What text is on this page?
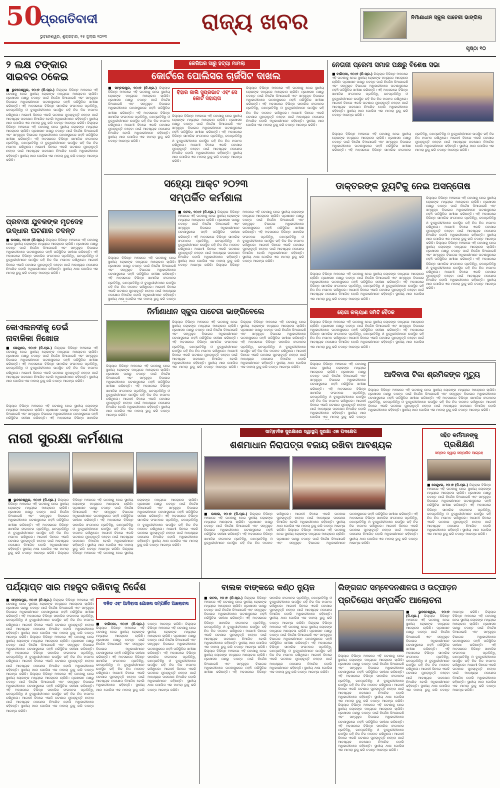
50
ପ୍ରଗତିବାଦୀ
ଭୁବନେଶ୍ୱର, ଶୁକ୍ରବାର, ୧୫ ଜୁଲାଇ ୨୦୨୩
ରାଜ୍ୟ ଖବର	ନିର୍ମାଣାଧୀନ ସ୍କୁଲ ପାଚେରୀ ଭାଙ୍ଗିଲା
ପୃଷ୍ଠା ୧୦
୨ ଲକ୍ଷ ଟଙ୍କାର ସାଇବର ଠକେଇ
■ ଭୁବନେଶ୍ୱର, ୧୦।୭ (ନି.ପ୍ର.) ଜିଲ୍ଲାର ବିଭିନ୍ନ ଅଞ୍ଚଳରେ ଏହି ଘଟଣାକୁ ନେଇ ସ୍ଥାନୀୟ ଲୋକଙ୍କ ମଧ୍ୟରେ ଆଲୋଚନା ଚାଲିଛି। ପ୍ରଶାସନ ପକ୍ଷରୁ ତଦନ୍ତ ପାଇଁ ନିର୍ଦ୍ଦେଶ ଦିଆଯାଇଛି ଏବଂ ସମ୍ପୃକ୍ତ ବିଭାଗର ଅଧିକାରୀମାନେ ଘଟଣାସ୍ଥଳରେ ପହଞ୍ଚି ପରିସ୍ଥିତିର ସମୀକ୍ଷା କରିଛନ୍ତି। ଏହି ଅବସରରେ ବିଭିନ୍ନ ସାମାଜିକ ସଂଗଠନର ପ୍ରତିନିଧି, ଜନପ୍ରତିନିଧି ଓ ବୁଦ୍ଧିଜୀବୀମାନେ ଉପସ୍ଥିତ ରହି ନିଜ ନିଜ ମତାମତ ରଖିଥିଲେ। ଆଗାମୀ ଦିନରେ ଏଭଳି ଘଟଣାର ପୁନରାବୃତ୍ତି ନହେବା ପାଇଁ ଆବଶ୍ୟକ ପଦକ୍ଷେପ ନିଆଯିବ ବୋଲି ଅଧିକାରୀମାନେ କହିଛନ୍ତି। ସ୍ଥାନୀୟ ଥାନା ପୋଲିସ ଏକ ମାମଲା ରୁଜୁ କରି ତଦନ୍ତ ଆରମ୍ଭ କରିଛି। ଜିଲ୍ଲାର ବିଭିନ୍ନ ଅଞ୍ଚଳରେ ଏହି ଘଟଣାକୁ ନେଇ ସ୍ଥାନୀୟ ଲୋକଙ୍କ ମଧ୍ୟରେ ଆଲୋଚନା ଚାଲିଛି। ପ୍ରଶାସନ ପକ୍ଷରୁ ତଦନ୍ତ ପାଇଁ ନିର୍ଦ୍ଦେଶ ଦିଆଯାଇଛି ଏବଂ ସମ୍ପୃକ୍ତ ବିଭାଗର ଅଧିକାରୀମାନେ ଘଟଣାସ୍ଥଳରେ ପହଞ୍ଚି ପରିସ୍ଥିତିର ସମୀକ୍ଷା କରିଛନ୍ତି। ଏହି ଅବସରରେ ବିଭିନ୍ନ ସାମାଜିକ ସଂଗଠନର ପ୍ରତିନିଧି, ଜନପ୍ରତିନିଧି ଓ ବୁଦ୍ଧିଜୀବୀମାନେ ଉପସ୍ଥିତ ରହି ନିଜ ନିଜ ମତାମତ ରଖିଥିଲେ। ଆଗାମୀ ଦିନରେ ଏଭଳି ଘଟଣାର ପୁନରାବୃତ୍ତି ନହେବା ପାଇଁ ଆବଶ୍ୟକ ପଦକ୍ଷେପ ନିଆଯିବ ବୋଲି ଅଧିକାରୀମାନେ କହିଛନ୍ତି। ସ୍ଥାନୀୟ ଥାନା ପୋଲିସ ଏକ ମାମଲା ରୁଜୁ କରି ତଦନ୍ତ ଆରମ୍ଭ କରିଛି।
ପ୍ରବାସୀ ଯୁବକଙ୍କ ମୃତଦେହ ଉଦ୍ଧାର ଘଟଣାର ତଦନ୍ତ
■ ଉଦାଳା, ୧୦।୭ (ନି.ପ୍ର.) ଜିଲ୍ଲାର ବିଭିନ୍ନ ଅଞ୍ଚଳରେ ଏହି ଘଟଣାକୁ ନେଇ ସ୍ଥାନୀୟ ଲୋକଙ୍କ ମଧ୍ୟରେ ଆଲୋଚନା ଚାଲିଛି। ପ୍ରଶାସନ ପକ୍ଷରୁ ତଦନ୍ତ ପାଇଁ ନିର୍ଦ୍ଦେଶ ଦିଆଯାଇଛି ଏବଂ ସମ୍ପୃକ୍ତ ବିଭାଗର ଅଧିକାରୀମାନେ ଘଟଣାସ୍ଥଳରେ ପହଞ୍ଚି ପରିସ୍ଥିତିର ସମୀକ୍ଷା କରିଛନ୍ତି। ଏହି ଅବସରରେ ବିଭିନ୍ନ ସାମାଜିକ ସଂଗଠନର ପ୍ରତିନିଧି, ଜନପ୍ରତିନିଧି ଓ ବୁଦ୍ଧିଜୀବୀମାନେ ଉପସ୍ଥିତ ରହି ନିଜ ନିଜ ମତାମତ ରଖିଥିଲେ। ଆଗାମୀ ଦିନରେ ଏଭଳି ଘଟଣାର ପୁନରାବୃତ୍ତି ନହେବା ପାଇଁ ଆବଶ୍ୟକ ପଦକ୍ଷେପ ନିଆଯିବ ବୋଲି ଅଧିକାରୀମାନେ କହିଛନ୍ତି। ସ୍ଥାନୀୟ ଥାନା ପୋଲିସ ଏକ ମାମଲା ରୁଜୁ କରି ତଦନ୍ତ ଆରମ୍ଭ କରିଛି।
କୋଏଲନଦୀକୁ ଡେଇଁ ନାବାଳିକା ନିଖୋଜ
■ କେନ୍ଦୁଝର, ୧୦।୭ (ନି.ପ୍ର.) ଜିଲ୍ଲାର ବିଭିନ୍ନ ଅଞ୍ଚଳରେ ଏହି ଘଟଣାକୁ ନେଇ ସ୍ଥାନୀୟ ଲୋକଙ୍କ ମଧ୍ୟରେ ଆଲୋଚନା ଚାଲିଛି। ପ୍ରଶାସନ ପକ୍ଷରୁ ତଦନ୍ତ ପାଇଁ ନିର୍ଦ୍ଦେଶ ଦିଆଯାଇଛି ଏବଂ ସମ୍ପୃକ୍ତ ବିଭାଗର ଅଧିକାରୀମାନେ ଘଟଣାସ୍ଥଳରେ ପହଞ୍ଚି ପରିସ୍ଥିତିର ସମୀକ୍ଷା କରିଛନ୍ତି। ଏହି ଅବସରରେ ବିଭିନ୍ନ ସାମାଜିକ ସଂଗଠନର ପ୍ରତିନିଧି, ଜନପ୍ରତିନିଧି ଓ ବୁଦ୍ଧିଜୀବୀମାନେ ଉପସ୍ଥିତ ରହି ନିଜ ନିଜ ମତାମତ ରଖିଥିଲେ। ଆଗାମୀ ଦିନରେ ଏଭଳି ଘଟଣାର ପୁନରାବୃତ୍ତି ନହେବା ପାଇଁ ଆବଶ୍ୟକ ପଦକ୍ଷେପ ନିଆଯିବ ବୋଲି ଅଧିକାରୀମାନେ କହିଛନ୍ତି। ସ୍ଥାନୀୟ ଥାନା ପୋଲିସ ଏକ ମାମଲା ରୁଜୁ କରି ତଦନ୍ତ ଆରମ୍ଭ କରିଛି।
କେରିଅର ସାରୁ ହତ୍ୟା ମାମଲା
କୋର୍ଟରେ ପୋଲିସର ଚାର୍ଜସିଟ ଦାଖଲ
■ ସମ୍ବଲପୁର, ୧୦।୭ (ନି.ପ୍ର.) ଜିଲ୍ଲାର ବିଭିନ୍ନ ଅଞ୍ଚଳରେ ଏହି ଘଟଣାକୁ ନେଇ ସ୍ଥାନୀୟ ଲୋକଙ୍କ ମଧ୍ୟରେ ଆଲୋଚନା ଚାଲିଛି। ପ୍ରଶାସନ ପକ୍ଷରୁ ତଦନ୍ତ ପାଇଁ ନିର୍ଦ୍ଦେଶ ଦିଆଯାଇଛି ଏବଂ ସମ୍ପୃକ୍ତ ବିଭାଗର ଅଧିକାରୀମାନେ ଘଟଣାସ୍ଥଳରେ ପହଞ୍ଚି ପରିସ୍ଥିତିର ସମୀକ୍ଷା କରିଛନ୍ତି। ଏହି ଅବସରରେ ବିଭିନ୍ନ ସାମାଜିକ ସଂଗଠନର ପ୍ରତିନିଧି, ଜନପ୍ରତିନିଧି ଓ ବୁଦ୍ଧିଜୀବୀମାନେ ଉପସ୍ଥିତ ରହି ନିଜ ନିଜ ମତାମତ ରଖିଥିଲେ। ଆଗାମୀ ଦିନରେ ଏଭଳି ଘଟଣାର ପୁନରାବୃତ୍ତି ନହେବା ପାଇଁ ଆବଶ୍ୟକ ପଦକ୍ଷେପ ନିଆଯିବ ବୋଲି ଅଧିକାରୀମାନେ କହିଛନ୍ତି। ସ୍ଥାନୀୟ ଥାନା ପୋଲିସ ଏକ ମାମଲା ରୁଜୁ କରି ତଦନ୍ତ ଆରମ୍ଭ କରିଛି।
ବିହାର ଜାଲି ସୁପ୍ରଭାତ ଏବଂ ସେ କୋର୍ଟ ସହାୟତା
ଜିଲ୍ଲାର ବିଭିନ୍ନ ଅଞ୍ଚଳରେ ଏହି ଘଟଣାକୁ ନେଇ ସ୍ଥାନୀୟ ଲୋକଙ୍କ ମଧ୍ୟରେ ଆଲୋଚନା ଚାଲିଛି। ପ୍ରଶାସନ ପକ୍ଷରୁ ତଦନ୍ତ ପାଇଁ ନିର୍ଦ୍ଦେଶ ଦିଆଯାଇଛି ଏବଂ ସମ୍ପୃକ୍ତ ବିଭାଗର ଅଧିକାରୀମାନେ ଘଟଣାସ୍ଥଳରେ ପହଞ୍ଚି ପରିସ୍ଥିତିର ସମୀକ୍ଷା କରିଛନ୍ତି। ଏହି ଅବସରରେ ବିଭିନ୍ନ ସାମାଜିକ ସଂଗଠନର ପ୍ରତିନିଧି, ଜନପ୍ରତିନିଧି ଓ ବୁଦ୍ଧିଜୀବୀମାନେ ଉପସ୍ଥିତ ରହି ନିଜ ନିଜ ମତାମତ ରଖିଥିଲେ। ଆଗାମୀ ଦିନରେ ଏଭଳି ଘଟଣାର ପୁନରାବୃତ୍ତି ନହେବା ପାଇଁ ଆବଶ୍ୟକ ପଦକ୍ଷେପ ନିଆଯିବ ବୋଲି ଅଧିକାରୀମାନେ କହିଛନ୍ତି। ସ୍ଥାନୀୟ ଥାନା ପୋଲିସ ଏକ ମାମଲା ରୁଜୁ କରି ତଦନ୍ତ ଆରମ୍ଭ କରିଛି।
ଜିଲ୍ଲାର ବିଭିନ୍ନ ଅଞ୍ଚଳରେ ଏହି ଘଟଣାକୁ ନେଇ ସ୍ଥାନୀୟ ଲୋକଙ୍କ ମଧ୍ୟରେ ଆଲୋଚନା ଚାଲିଛି। ପ୍ରଶାସନ ପକ୍ଷରୁ ତଦନ୍ତ ପାଇଁ ନିର୍ଦ୍ଦେଶ ଦିଆଯାଇଛି ଏବଂ ସମ୍ପୃକ୍ତ ବିଭାଗର ଅଧିକାରୀମାନେ ଘଟଣାସ୍ଥଳରେ ପହଞ୍ଚି ପରିସ୍ଥିତିର ସମୀକ୍ଷା କରିଛନ୍ତି। ଏହି ଅବସରରେ ବିଭିନ୍ନ ସାମାଜିକ ସଂଗଠନର ପ୍ରତିନିଧି, ଜନପ୍ରତିନିଧି ଓ ବୁଦ୍ଧିଜୀବୀମାନେ ଉପସ୍ଥିତ ରହି ନିଜ ନିଜ ମତାମତ ରଖିଥିଲେ। ଆଗାମୀ ଦିନରେ ଏଭଳି ଘଟଣାର ପୁନରାବୃତ୍ତି ନହେବା ପାଇଁ ଆବଶ୍ୟକ ପଦକ୍ଷେପ ନିଆଯିବ ବୋଲି ଅଧିକାରୀମାନେ କହିଛନ୍ତି। ସ୍ଥାନୀୟ ଥାନା ପୋଲିସ ଏକ ମାମଲା ରୁଜୁ କରି ତଦନ୍ତ ଆରମ୍ଭ କରିଛି।
ନେତାଜୀ ପ୍ରେମୀ ସମାଜ ପକ୍ଷରୁ ବିଶେଷ ସଭା
■ ବାରିପଦା, ୧୦।୭ (ନି.ପ୍ର.) ଜିଲ୍ଲାର ବିଭିନ୍ନ ଅଞ୍ଚଳରେ ଏହି ଘଟଣାକୁ ନେଇ ସ୍ଥାନୀୟ ଲୋକଙ୍କ ମଧ୍ୟରେ ଆଲୋଚନା ଚାଲିଛି। ପ୍ରଶାସନ ପକ୍ଷରୁ ତଦନ୍ତ ପାଇଁ ନିର୍ଦ୍ଦେଶ ଦିଆଯାଇଛି ଏବଂ ସମ୍ପୃକ୍ତ ବିଭାଗର ଅଧିକାରୀମାନେ ଘଟଣାସ୍ଥଳରେ ପହଞ୍ଚି ପରିସ୍ଥିତିର ସମୀକ୍ଷା କରିଛନ୍ତି। ଏହି ଅବସରରେ ବିଭିନ୍ନ ସାମାଜିକ ସଂଗଠନର ପ୍ରତିନିଧି, ଜନପ୍ରତିନିଧି ଓ ବୁଦ୍ଧିଜୀବୀମାନେ ଉପସ୍ଥିତ ରହି ନିଜ ନିଜ ମତାମତ ରଖିଥିଲେ। ଆଗାମୀ ଦିନରେ ଏଭଳି ଘଟଣାର ପୁନରାବୃତ୍ତି ନହେବା ପାଇଁ ଆବଶ୍ୟକ ପଦକ୍ଷେପ ନିଆଯିବ ବୋଲି ଅଧିକାରୀମାନେ କହିଛନ୍ତି। ସ୍ଥାନୀୟ ଥାନା ପୋଲିସ ଏକ ମାମଲା ରୁଜୁ କରି ତଦନ୍ତ ଆରମ୍ଭ କରିଛି।
ଜିଲ୍ଲାର ବିଭିନ୍ନ ଅଞ୍ଚଳରେ ଏହି ଘଟଣାକୁ ନେଇ ସ୍ଥାନୀୟ ଲୋକଙ୍କ ମଧ୍ୟରେ ଆଲୋଚନା ଚାଲିଛି। ପ୍ରଶାସନ ପକ୍ଷରୁ ତଦନ୍ତ ପାଇଁ ନିର୍ଦ୍ଦେଶ ଦିଆଯାଇଛି ଏବଂ ସମ୍ପୃକ୍ତ ବିଭାଗର ଅଧିକାରୀମାନେ ଘଟଣାସ୍ଥଳରେ ପହଞ୍ଚି ପରିସ୍ଥିତିର ସମୀକ୍ଷା କରିଛନ୍ତି। ଏହି ଅବସରରେ ବିଭିନ୍ନ ସାମାଜିକ ସଂଗଠନର ପ୍ରତିନିଧି, ଜନପ୍ରତିନିଧି ଓ ବୁଦ୍ଧିଜୀବୀମାନେ ଉପସ୍ଥିତ ରହି ନିଜ ନିଜ ମତାମତ ରଖିଥିଲେ। ଆଗାମୀ ଦିନରେ ଏଭଳି ଘଟଣାର ପୁନରାବୃତ୍ତି ନହେବା ପାଇଁ ଆବଶ୍ୟକ ପଦକ୍ଷେପ ନିଆଯିବ ବୋଲି ଅଧିକାରୀମାନେ କହିଛନ୍ତି। ସ୍ଥାନୀୟ ଥାନା ପୋଲିସ ଏକ ମାମଲା ରୁଜୁ କରି ତଦନ୍ତ ଆରମ୍ଭ କରିଛି।
ସହ୍ୟୋ ଆକ୍ଟ ୨୦୨୩
ସମ୍ପର୍କିତ କର୍ମଶାଳା
■ କଟକ, ୧୦।୭ (ନି.ପ୍ର.) ଜିଲ୍ଲାର ବିଭିନ୍ନ ଅଞ୍ଚଳରେ ଏହି ଘଟଣାକୁ ନେଇ ସ୍ଥାନୀୟ ଲୋକଙ୍କ ମଧ୍ୟରେ ଆଲୋଚନା ଚାଲିଛି। ପ୍ରଶାସନ ପକ୍ଷରୁ ତଦନ୍ତ ପାଇଁ ନିର୍ଦ୍ଦେଶ ଦିଆଯାଇଛି ଏବଂ ସମ୍ପୃକ୍ତ ବିଭାଗର ଅଧିକାରୀମାନେ ଘଟଣାସ୍ଥଳରେ ପହଞ୍ଚି ପରିସ୍ଥିତିର ସମୀକ୍ଷା କରିଛନ୍ତି। ଏହି ଅବସରରେ ବିଭିନ୍ନ ସାମାଜିକ ସଂଗଠନର ପ୍ରତିନିଧି, ଜନପ୍ରତିନିଧି ଓ ବୁଦ୍ଧିଜୀବୀମାନେ ଉପସ୍ଥିତ ରହି ନିଜ ନିଜ ମତାମତ ରଖିଥିଲେ। ଆଗାମୀ ଦିନରେ ଏଭଳି ଘଟଣାର ପୁନରାବୃତ୍ତି ନହେବା ପାଇଁ ଆବଶ୍ୟକ ପଦକ୍ଷେପ ନିଆଯିବ ବୋଲି ଅଧିକାରୀମାନେ କହିଛନ୍ତି। ସ୍ଥାନୀୟ ଥାନା ପୋଲିସ ଏକ ମାମଲା ରୁଜୁ କରି ତଦନ୍ତ ଆରମ୍ଭ କରିଛି। ଜିଲ୍ଲାର ବିଭିନ୍ନ ଅଞ୍ଚଳରେ ଏହି ଘଟଣାକୁ ନେଇ ସ୍ଥାନୀୟ ଲୋକଙ୍କ ମଧ୍ୟରେ ଆଲୋଚନା ଚାଲିଛି। ପ୍ରଶାସନ ପକ୍ଷରୁ ତଦନ୍ତ ପାଇଁ ନିର୍ଦ୍ଦେଶ ଦିଆଯାଇଛି ଏବଂ ସମ୍ପୃକ୍ତ ବିଭାଗର ଅଧିକାରୀମାନେ ଘଟଣାସ୍ଥଳରେ ପହଞ୍ଚି ପରିସ୍ଥିତିର ସମୀକ୍ଷା କରିଛନ୍ତି। ଏହି ଅବସରରେ ବିଭିନ୍ନ ସାମାଜିକ ସଂଗଠନର ପ୍ରତିନିଧି, ଜନପ୍ରତିନିଧି ଓ ବୁଦ୍ଧିଜୀବୀମାନେ ଉପସ୍ଥିତ ରହି ନିଜ ନିଜ ମତାମତ ରଖିଥିଲେ। ଆଗାମୀ ଦିନରେ ଏଭଳି ଘଟଣାର ପୁନରାବୃତ୍ତି ନହେବା ପାଇଁ ଆବଶ୍ୟକ ପଦକ୍ଷେପ ନିଆଯିବ ବୋଲି ଅଧିକାରୀମାନେ କହିଛନ୍ତି। ସ୍ଥାନୀୟ ଥାନା ପୋଲିସ ଏକ ମାମଲା ରୁଜୁ କରି ତଦନ୍ତ ଆରମ୍ଭ କରିଛି।
ଜିଲ୍ଲାର ବିଭିନ୍ନ ଅଞ୍ଚଳରେ ଏହି ଘଟଣାକୁ ନେଇ ସ୍ଥାନୀୟ ଲୋକଙ୍କ ମଧ୍ୟରେ ଆଲୋଚନା ଚାଲିଛି। ପ୍ରଶାସନ ପକ୍ଷରୁ ତଦନ୍ତ ପାଇଁ ନିର୍ଦ୍ଦେଶ ଦିଆଯାଇଛି ଏବଂ ସମ୍ପୃକ୍ତ ବିଭାଗର ଅଧିକାରୀମାନେ ଘଟଣାସ୍ଥଳରେ ପହଞ୍ଚି ପରିସ୍ଥିତିର ସମୀକ୍ଷା କରିଛନ୍ତି। ଏହି ଅବସରରେ ବିଭିନ୍ନ ସାମାଜିକ ସଂଗଠନର ପ୍ରତିନିଧି, ଜନପ୍ରତିନିଧି ଓ ବୁଦ୍ଧିଜୀବୀମାନେ ଉପସ୍ଥିତ ରହି ନିଜ ନିଜ ମତାମତ ରଖିଥିଲେ। ଆଗାମୀ ଦିନରେ ଏଭଳି ଘଟଣାର ପୁନରାବୃତ୍ତି ନହେବା ପାଇଁ ଆବଶ୍ୟକ ପଦକ୍ଷେପ ନିଆଯିବ ବୋଲି ଅଧିକାରୀମାନେ କହିଛନ୍ତି। ସ୍ଥାନୀୟ ଥାନା ପୋଲିସ ଏକ ମାମଲା ରୁଜୁ କରି ତଦନ୍ତ
ଡାକ୍ତରଙ୍କ ଡ୍ୟୁଟିକୁ ନେଇ ଅସନ୍ତୋଷ
ଜିଲ୍ଲାର ବିଭିନ୍ନ ଅଞ୍ଚଳରେ ଏହି ଘଟଣାକୁ ନେଇ ସ୍ଥାନୀୟ ଲୋକଙ୍କ ମଧ୍ୟରେ ଆଲୋଚନା ଚାଲିଛି। ପ୍ରଶାସନ ପକ୍ଷରୁ ତଦନ୍ତ ପାଇଁ ନିର୍ଦ୍ଦେଶ ଦିଆଯାଇଛି ଏବଂ ସମ୍ପୃକ୍ତ ବିଭାଗର ଅଧିକାରୀମାନେ ଘଟଣାସ୍ଥଳରେ ପହଞ୍ଚି ପରିସ୍ଥିତିର ସମୀକ୍ଷା କରିଛନ୍ତି। ଏହି ଅବସରରେ ବିଭିନ୍ନ ସାମାଜିକ ସଂଗଠନର ପ୍ରତିନିଧି, ଜନପ୍ରତିନିଧି ଓ ବୁଦ୍ଧିଜୀବୀମାନେ ଉପସ୍ଥିତ ରହି ନିଜ ନିଜ ମତାମତ ରଖିଥିଲେ। ଆଗାମୀ ଦିନରେ ଏଭଳି ଘଟଣାର ପୁନରାବୃତ୍ତି ନହେବା ପାଇଁ ଆବଶ୍ୟକ ପଦକ୍ଷେପ ନିଆଯିବ ବୋଲି ଅଧିକାରୀମାନେ କହିଛନ୍ତି। ସ୍ଥାନୀୟ ଥାନା ପୋଲିସ ଏକ ମାମଲା ରୁଜୁ କରି ତଦନ୍ତ ଆରମ୍ଭ କରିଛି। ଜିଲ୍ଲାର ବିଭିନ୍ନ ଅଞ୍ଚଳରେ ଏହି ଘଟଣାକୁ ନେଇ ସ୍ଥାନୀୟ ଲୋକଙ୍କ ମଧ୍ୟରେ ଆଲୋଚନା ଚାଲିଛି। ପ୍ରଶାସନ ପକ୍ଷରୁ ତଦନ୍ତ ପାଇଁ ନିର୍ଦ୍ଦେଶ ଦିଆଯାଇଛି ଏବଂ ସମ୍ପୃକ୍ତ ବିଭାଗର ଅଧିକାରୀମାନେ ଘଟଣାସ୍ଥଳରେ ପହଞ୍ଚି ପରିସ୍ଥିତିର ସମୀକ୍ଷା କରିଛନ୍ତି। ଏହି ଅବସରରେ ବିଭିନ୍ନ ସାମାଜିକ ସଂଗଠନର ପ୍ରତିନିଧି, ଜନପ୍ରତିନିଧି ଓ ବୁଦ୍ଧିଜୀବୀମାନେ ଉପସ୍ଥିତ ରହି ନିଜ ନିଜ ମତାମତ ରଖିଥିଲେ। ଆଗାମୀ ଦିନରେ ଏଭଳି ଘଟଣାର ପୁନରାବୃତ୍ତି ନହେବା ପାଇଁ ଆବଶ୍ୟକ ପଦକ୍ଷେପ ନିଆଯିବ ବୋଲି ଅଧିକାରୀମାନେ କହିଛନ୍ତି। ସ୍ଥାନୀୟ ଥାନା ପୋଲିସ ଏକ ମାମଲା ରୁଜୁ କରି ତଦନ୍ତ ଆରମ୍ଭ କରିଛି।
ନିର୍ମାଣାଧୀନ ସ୍କୁଲ ପାଚେରୀ ଭାଙ୍ଗିବେଲେ
ଜିଲ୍ଲାର ବିଭିନ୍ନ ଅଞ୍ଚଳରେ ଏହି ଘଟଣାକୁ ନେଇ ସ୍ଥାନୀୟ ଲୋକଙ୍କ ମଧ୍ୟରେ ଆଲୋଚନା ଚାଲିଛି। ପ୍ରଶାସନ ପକ୍ଷରୁ ତଦନ୍ତ ପାଇଁ ନିର୍ଦ୍ଦେଶ ଦିଆଯାଇଛି ଏବଂ ସମ୍ପୃକ୍ତ ବିଭାଗର ଅଧିକାରୀମାନେ ଘଟଣାସ୍ଥଳରେ ପହଞ୍ଚି ପରିସ୍ଥିତିର ସମୀକ୍ଷା କରିଛନ୍ତି। ଏହି ଅବସରରେ ବିଭିନ୍ନ ସାମାଜିକ ସଂଗଠନର ପ୍ରତିନିଧି, ଜନପ୍ରତିନିଧି ଓ ବୁଦ୍ଧିଜୀବୀମାନେ ଉପସ୍ଥିତ ରହି ନିଜ ନିଜ ମତାମତ ରଖିଥିଲେ। ଆଗାମୀ ଦିନରେ ଏଭଳି ଘଟଣାର ପୁନରାବୃତ୍ତି ନହେବା ପାଇଁ ଆବଶ୍ୟକ ପଦକ୍ଷେପ ନିଆଯିବ ବୋଲି ଅଧିକାରୀମାନେ କହିଛନ୍ତି। ସ୍ଥାନୀୟ ଥାନା ପୋଲିସ ଏକ ମାମଲା ରୁଜୁ କରି ତଦନ୍ତ ଆରମ୍ଭ କରିଛି। ଜିଲ୍ଲାର ବିଭିନ୍ନ ଅଞ୍ଚଳରେ ଏହି ଘଟଣାକୁ ନେଇ ସ୍ଥାନୀୟ ଲୋକଙ୍କ ମଧ୍ୟରେ ଆଲୋଚନା ଚାଲିଛି। ପ୍ରଶାସନ ପକ୍ଷରୁ ତଦନ୍ତ ପାଇଁ ନିର୍ଦ୍ଦେଶ ଦିଆଯାଇଛି ଏବଂ ସମ୍ପୃକ୍ତ ବିଭାଗର ଅଧିକାରୀମାନେ ଘଟଣାସ୍ଥଳରେ ପହଞ୍ଚି ପରିସ୍ଥିତିର ସମୀକ୍ଷା କରିଛନ୍ତି। ଏହି ଅବସରରେ ବିଭିନ୍ନ ସାମାଜିକ ସଂଗଠନର ପ୍ରତିନିଧି, ଜନପ୍ରତିନିଧି ଓ ବୁଦ୍ଧିଜୀବୀମାନେ ଉପସ୍ଥିତ ରହି ନିଜ ନିଜ ମତାମତ ରଖିଥିଲେ। ଆଗାମୀ ଦିନରେ ଏଭଳି ଘଟଣାର ପୁନରାବୃତ୍ତି ନହେବା ପାଇଁ ଆବଶ୍ୟକ ପଦକ୍ଷେପ ନିଆଯିବ ବୋଲି ଅଧିକାରୀମାନେ କହିଛନ୍ତି। ସ୍ଥାନୀୟ ଥାନା ପୋଲିସ ଏକ ମାମଲା ରୁଜୁ କରି ତଦନ୍ତ ଆରମ୍ଭ କରିଛି।
ଜିଲ୍ଲାର ବିଭିନ୍ନ ଅଞ୍ଚଳରେ ଏହି ଘଟଣାକୁ ନେଇ ସ୍ଥାନୀୟ ଲୋକଙ୍କ ମଧ୍ୟରେ ଆଲୋଚନା ଚାଲିଛି। ପ୍ରଶାସନ ପକ୍ଷରୁ ତଦନ୍ତ ପାଇଁ ନିର୍ଦ୍ଦେଶ ଦିଆଯାଇଛି ଏବଂ ସମ୍ପୃକ୍ତ ବିଭାଗର ଅଧିକାରୀମାନେ ଘଟଣାସ୍ଥଳରେ ପହଞ୍ଚି ପରିସ୍ଥିତିର ସମୀକ୍ଷା କରିଛନ୍ତି। ଏହି ଅବସରରେ ବିଭିନ୍ନ ସାମାଜିକ ସଂଗଠନର ପ୍ରତିନିଧି, ଜନପ୍ରତିନିଧି ଓ ବୁଦ୍ଧିଜୀବୀମାନେ ଉପସ୍ଥିତ ରହି ନିଜ ନିଜ ମତାମତ ରଖିଥିଲେ। ଆଗାମୀ ଦିନରେ ଏଭଳି ଘଟଣାର ପୁନରାବୃତ୍ତି ନହେବା ପାଇଁ ଆବଶ୍ୟକ ପଦକ୍ଷେପ ନିଆଯିବ ବୋଲି ଅଧିକାରୀମାନେ କହିଛନ୍ତି। ସ୍ଥାନୀୟ ଥାନା ପୋଲିସ ଏକ ମାମଲା ରୁଜୁ କରି ତଦନ୍ତ ଆରମ୍ଭ କରିଛି।
ଜିଲ୍ଲାର ବିଭିନ୍ନ ଅଞ୍ଚଳରେ ଏହି ଘଟଣାକୁ ନେଇ ସ୍ଥାନୀୟ ଲୋକଙ୍କ ମଧ୍ୟରେ ଆଲୋଚନା ଚାଲିଛି। ପ୍ରଶାସନ ପକ୍ଷରୁ ତଦନ୍ତ ପାଇଁ ନିର୍ଦ୍ଦେଶ ଦିଆଯାଇଛି ଏବଂ ସମ୍ପୃକ୍ତ ବିଭାଗର ଅଧିକାରୀମାନେ ଘଟଣାସ୍ଥଳରେ ପହଞ୍ଚି ପରିସ୍ଥିତିର ସମୀକ୍ଷା କରିଛନ୍ତି। ଏହି ଅବସରରେ ବିଭିନ୍ନ ସାମାଜିକ ସଂଗଠନର ପ୍ରତିନିଧି, ଜନପ୍ରତିନିଧି ଓ ବୁଦ୍ଧିଜୀବୀମାନେ ଉପସ୍ଥିତ ରହି ନିଜ ନିଜ ମତାମତ ରଖିଥିଲେ। ଆଗାମୀ ଦିନରେ ଏଭଳି ଘଟଣାର ପୁନରାବୃତ୍ତି ନହେବା ପାଇଁ ଆବଶ୍ୟକ ପଦକ୍ଷେପ ନିଆଯିବ ବୋଲି ଅଧିକାରୀମାନେ କହିଛନ୍ତି। ସ୍ଥାନୀୟ ଥାନା ପୋଲିସ ଏକ ମାମଲା ରୁଜୁ କରି ତଦନ୍ତ ଆରମ୍ଭ କରିଛି।
ରୋଗୀ କଲ୍ୟାଣ ସମିତି ବୈଠକ
ଜିଲ୍ଲାର ବିଭିନ୍ନ ଅଞ୍ଚଳରେ ଏହି ଘଟଣାକୁ ନେଇ ସ୍ଥାନୀୟ ଲୋକଙ୍କ ମଧ୍ୟରେ ଆଲୋଚନା ଚାଲିଛି। ପ୍ରଶାସନ ପକ୍ଷରୁ ତଦନ୍ତ ପାଇଁ ନିର୍ଦ୍ଦେଶ ଦିଆଯାଇଛି ଏବଂ ସମ୍ପୃକ୍ତ ବିଭାଗର ଅଧିକାରୀମାନେ ଘଟଣାସ୍ଥଳରେ ପହଞ୍ଚି ପରିସ୍ଥିତିର ସମୀକ୍ଷା କରିଛନ୍ତି। ଏହି ଅବସରରେ ବିଭିନ୍ନ ସାମାଜିକ ସଂଗଠନର ପ୍ରତିନିଧି, ଜନପ୍ରତିନିଧି ଓ ବୁଦ୍ଧିଜୀବୀମାନେ ଉପସ୍ଥିତ ରହି ନିଜ ନିଜ ମତାମତ ରଖିଥିଲେ। ଆଗାମୀ ଦିନରେ ଏଭଳି ଘଟଣାର ପୁନରାବୃତ୍ତି ନହେବା ପାଇଁ ଆବଶ୍ୟକ ପଦକ୍ଷେପ ନିଆଯିବ ବୋଲି ଅଧିକାରୀମାନେ କହିଛନ୍ତି। ସ୍ଥାନୀୟ ଥାନା ପୋଲିସ ଏକ ମାମଲା ରୁଜୁ କରି ତଦନ୍ତ ଆରମ୍ଭ କରିଛି।
ଆଦିବାସୀ ଟିକା ଶ୍ରମିକଙ୍କ ମୃତ୍ୟୁ
ଜିଲ୍ଲାର ବିଭିନ୍ନ ଅଞ୍ଚଳରେ ଏହି ଘଟଣାକୁ ନେଇ ସ୍ଥାନୀୟ ଲୋକଙ୍କ ମଧ୍ୟରେ ଆଲୋଚନା ଚାଲିଛି। ପ୍ରଶାସନ ପକ୍ଷରୁ ତଦନ୍ତ ପାଇଁ ନିର୍ଦ୍ଦେଶ ଦିଆଯାଇଛି ଏବଂ ସମ୍ପୃକ୍ତ ବିଭାଗର ଅଧିକାରୀମାନେ ଘଟଣାସ୍ଥଳରେ ପହଞ୍ଚି ପରିସ୍ଥିତିର ସମୀକ୍ଷା କରିଛନ୍ତି। ଏହି ଅବସରରେ ବିଭିନ୍ନ ସାମାଜିକ ସଂଗଠନର ପ୍ରତିନିଧି, ଜନପ୍ରତିନିଧି ଓ ବୁଦ୍ଧିଜୀବୀମାନେ ଉପସ୍ଥିତ ରହି ନିଜ ନିଜ ମତାମତ ରଖିଥିଲେ। ଆଗାମୀ ଦିନରେ ଏଭଳି ଘଟଣାର ପୁନରାବୃତ୍ତି ନହେବା ପାଇଁ ଆବଶ୍ୟକ ପଦକ୍ଷେପ ନିଆଯିବ ବୋଲି ଅଧିକାରୀମାନେ କହିଛନ୍ତି। ସ୍ଥାନୀୟ ଥାନା ପୋଲିସ ଏକ ମାମଲା ରୁଜୁ କରି ତଦନ୍ତ
ଜିଲ୍ଲାର ବିଭିନ୍ନ ଅଞ୍ଚଳରେ ଏହି ଘଟଣାକୁ ନେଇ ସ୍ଥାନୀୟ ଲୋକଙ୍କ ମଧ୍ୟରେ ଆଲୋଚନା ଚାଲିଛି। ପ୍ରଶାସନ ପକ୍ଷରୁ ତଦନ୍ତ ପାଇଁ ନିର୍ଦ୍ଦେଶ ଦିଆଯାଇଛି ଏବଂ ସମ୍ପୃକ୍ତ ବିଭାଗର ଅଧିକାରୀମାନେ ଘଟଣାସ୍ଥଳରେ ପହଞ୍ଚି ପରିସ୍ଥିତିର ସମୀକ୍ଷା କରିଛନ୍ତି। ଏହି ଅବସରରେ ବିଭିନ୍ନ ସାମାଜିକ ସଂଗଠନର ପ୍ରତିନିଧି, ଜନପ୍ରତିନିଧି ଓ ବୁଦ୍ଧିଜୀବୀମାନେ ଉପସ୍ଥିତ ରହି ନିଜ ନିଜ ମତାମତ ରଖିଥିଲେ। ଆଗାମୀ ଦିନରେ ଏଭଳି ଘଟଣାର ପୁନରାବୃତ୍ତି ନହେବା ପାଇଁ ଆବଶ୍ୟକ ପଦକ୍ଷେପ ନିଆଯିବ ବୋଲି ଅଧିକାରୀମାନେ କହିଛନ୍ତି। ସ୍ଥାନୀୟ ଥାନା ପୋଲିସ ଏକ ମାମଲା ରୁଜୁ କରି ତଦନ୍ତ ଆରମ୍ଭ କରିଛି।
ଜିଲ୍ଲାର ବିଭିନ୍ନ ଅଞ୍ଚଳରେ ଏହି ଘଟଣାକୁ ନେଇ ସ୍ଥାନୀୟ ଲୋକଙ୍କ ମଧ୍ୟରେ ଆଲୋଚନା ଚାଲିଛି। ପ୍ରଶାସନ ପକ୍ଷରୁ ତଦନ୍ତ ପାଇଁ ନିର୍ଦ୍ଦେଶ ଦିଆଯାଇଛି ଏବଂ ସମ୍ପୃକ୍ତ ବିଭାଗର ଅଧିକାରୀମାନେ ଘଟଣାସ୍ଥଳରେ ପହଞ୍ଚି ପରିସ୍ଥିତିର ସମୀକ୍ଷା କରିଛନ୍ତି। ଏହି ଅବସରରେ ବିଭିନ୍ନ ସାମାଜିକ
ନାରୀ ସୁରକ୍ଷା କର୍ମଶାଳା
■ ଭୁବନେଶ୍ୱର, ୧୦।୭ (ନି.ପ୍ର.) ଜିଲ୍ଲାର ବିଭିନ୍ନ ଅଞ୍ଚଳରେ ଏହି ଘଟଣାକୁ ନେଇ ସ୍ଥାନୀୟ ଲୋକଙ୍କ ମଧ୍ୟରେ ଆଲୋଚନା ଚାଲିଛି। ପ୍ରଶାସନ ପକ୍ଷରୁ ତଦନ୍ତ ପାଇଁ ନିର୍ଦ୍ଦେଶ ଦିଆଯାଇଛି ଏବଂ ସମ୍ପୃକ୍ତ ବିଭାଗର ଅଧିକାରୀମାନେ ଘଟଣାସ୍ଥଳରେ ପହଞ୍ଚି ପରିସ୍ଥିତିର ସମୀକ୍ଷା କରିଛନ୍ତି। ଏହି ଅବସରରେ ବିଭିନ୍ନ ସାମାଜିକ ସଂଗଠନର ପ୍ରତିନିଧି, ଜନପ୍ରତିନିଧି ଓ ବୁଦ୍ଧିଜୀବୀମାନେ ଉପସ୍ଥିତ ରହି ନିଜ ନିଜ ମତାମତ ରଖିଥିଲେ। ଆଗାମୀ ଦିନରେ ଏଭଳି ଘଟଣାର ପୁନରାବୃତ୍ତି ନହେବା ପାଇଁ ଆବଶ୍ୟକ ପଦକ୍ଷେପ ନିଆଯିବ ବୋଲି ଅଧିକାରୀମାନେ କହିଛନ୍ତି। ସ୍ଥାନୀୟ ଥାନା ପୋଲିସ ଏକ ମାମଲା ରୁଜୁ କରି ତଦନ୍ତ ଆରମ୍ଭ କରିଛି। ଜିଲ୍ଲାର ବିଭିନ୍ନ ଅଞ୍ଚଳରେ ଏହି ଘଟଣାକୁ ନେଇ ସ୍ଥାନୀୟ ଲୋକଙ୍କ ମଧ୍ୟରେ ଆଲୋଚନା ଚାଲିଛି। ପ୍ରଶାସନ ପକ୍ଷରୁ ତଦନ୍ତ ପାଇଁ ନିର୍ଦ୍ଦେଶ ଦିଆଯାଇଛି ଏବଂ ସମ୍ପୃକ୍ତ ବିଭାଗର ଅଧିକାରୀମାନେ ଘଟଣାସ୍ଥଳରେ ପହଞ୍ଚି ପରିସ୍ଥିତିର ସମୀକ୍ଷା କରିଛନ୍ତି। ଏହି ଅବସରରେ ବିଭିନ୍ନ ସାମାଜିକ ସଂଗଠନର ପ୍ରତିନିଧି, ଜନପ୍ରତିନିଧି ଓ ବୁଦ୍ଧିଜୀବୀମାନେ ଉପସ୍ଥିତ ରହି ନିଜ ନିଜ ମତାମତ ରଖିଥିଲେ। ଆଗାମୀ ଦିନରେ ଏଭଳି ଘଟଣାର ପୁନରାବୃତ୍ତି ନହେବା ପାଇଁ ଆବଶ୍ୟକ ପଦକ୍ଷେପ ନିଆଯିବ ବୋଲି ଅଧିକାରୀମାନେ କହିଛନ୍ତି। ସ୍ଥାନୀୟ ଥାନା ପୋଲିସ ଏକ ମାମଲା ରୁଜୁ କରି ତଦନ୍ତ ଆରମ୍ଭ କରିଛି। ଜିଲ୍ଲାର ବିଭିନ୍ନ ଅଞ୍ଚଳରେ ଏହି ଘଟଣାକୁ ନେଇ ସ୍ଥାନୀୟ ଲୋକଙ୍କ ମଧ୍ୟରେ ଆଲୋଚନା ଚାଲିଛି। ପ୍ରଶାସନ ପକ୍ଷରୁ ତଦନ୍ତ ପାଇଁ ନିର୍ଦ୍ଦେଶ ଦିଆଯାଇଛି ଏବଂ ସମ୍ପୃକ୍ତ ବିଭାଗର ଅଧିକାରୀମାନେ ଘଟଣାସ୍ଥଳରେ ପହଞ୍ଚି ପରିସ୍ଥିତିର ସମୀକ୍ଷା କରିଛନ୍ତି। ଏହି ଅବସରରେ ବିଭିନ୍ନ ସାମାଜିକ ସଂଗଠନର ପ୍ରତିନିଧି, ଜନପ୍ରତିନିଧି ଓ ବୁଦ୍ଧିଜୀବୀମାନେ ଉପସ୍ଥିତ ରହି ନିଜ ନିଜ ମତାମତ ରଖିଥିଲେ। ଆଗାମୀ ଦିନରେ ଏଭଳି ଘଟଣାର ପୁନରାବୃତ୍ତି ନହେବା ପାଇଁ ଆବଶ୍ୟକ ପଦକ୍ଷେପ ନିଆଯିବ ବୋଲି ଅଧିକାରୀମାନେ କହିଛନ୍ତି। ସ୍ଥାନୀୟ ଥାନା ପୋଲିସ ଏକ ମାମଲା ରୁଜୁ କରି ତଦନ୍ତ ଆରମ୍ଭ କରିଛି।
ସାମ୍ବାଦିକ ସୁରକ୍ଷାରେ ସ୍ୱାସ୍ଥ୍ୟ ସୁରକ୍ଷା ଏକ ପଦକ୍ଷେପ
ଶଶମାଧାନ ନିରାପତ୍ତା ବଜାୟ ରଖିବା ଆବଶ୍ୟକ
■ ଉଦାଳା, ୧୦।୭ (ନି.ପ୍ର.) ଜିଲ୍ଲାର ବିଭିନ୍ନ ଅଞ୍ଚଳରେ ଏହି ଘଟଣାକୁ ନେଇ ସ୍ଥାନୀୟ ଲୋକଙ୍କ ମଧ୍ୟରେ ଆଲୋଚନା ଚାଲିଛି। ପ୍ରଶାସନ ପକ୍ଷରୁ ତଦନ୍ତ ପାଇଁ ନିର୍ଦ୍ଦେଶ ଦିଆଯାଇଛି ଏବଂ ସମ୍ପୃକ୍ତ ବିଭାଗର ଅଧିକାରୀମାନେ ଘଟଣାସ୍ଥଳରେ ପହଞ୍ଚି ପରିସ୍ଥିତିର ସମୀକ୍ଷା କରିଛନ୍ତି। ଏହି ଅବସରରେ ବିଭିନ୍ନ ସାମାଜିକ ସଂଗଠନର ପ୍ରତିନିଧି, ଜନପ୍ରତିନିଧି ଓ ବୁଦ୍ଧିଜୀବୀମାନେ ଉପସ୍ଥିତ ରହି ନିଜ ନିଜ ମତାମତ ରଖିଥିଲେ। ଆଗାମୀ ଦିନରେ ଏଭଳି ଘଟଣାର ପୁନରାବୃତ୍ତି ନହେବା ପାଇଁ ଆବଶ୍ୟକ ପଦକ୍ଷେପ ନିଆଯିବ ବୋଲି ଅଧିକାରୀମାନେ କହିଛନ୍ତି। ସ୍ଥାନୀୟ ଥାନା ପୋଲିସ ଏକ ମାମଲା ରୁଜୁ କରି ତଦନ୍ତ ଆରମ୍ଭ କରିଛି। ଜିଲ୍ଲାର ବିଭିନ୍ନ ଅଞ୍ଚଳରେ ଏହି ଘଟଣାକୁ ନେଇ ସ୍ଥାନୀୟ ଲୋକଙ୍କ ମଧ୍ୟରେ ଆଲୋଚନା ଚାଲିଛି। ପ୍ରଶାସନ ପକ୍ଷରୁ ତଦନ୍ତ ପାଇଁ ନିର୍ଦ୍ଦେଶ ଦିଆଯାଇଛି ଏବଂ ସମ୍ପୃକ୍ତ ବିଭାଗର ଅଧିକାରୀମାନେ ଘଟଣାସ୍ଥଳରେ ପହଞ୍ଚି ପରିସ୍ଥିତିର ସମୀକ୍ଷା କରିଛନ୍ତି। ଏହି ଅବସରରେ ବିଭିନ୍ନ ସାମାଜିକ ସଂଗଠନର ପ୍ରତିନିଧି, ଜନପ୍ରତିନିଧି ଓ ବୁଦ୍ଧିଜୀବୀମାନେ ଉପସ୍ଥିତ ରହି ନିଜ ନିଜ ମତାମତ ରଖିଥିଲେ। ଆଗାମୀ ଦିନରେ ଏଭଳି ଘଟଣାର ପୁନରାବୃତ୍ତି ନହେବା ପାଇଁ ଆବଶ୍ୟକ ପଦକ୍ଷେପ ନିଆଯିବ ବୋଲି ଅଧିକାରୀମାନେ କହିଛନ୍ତି। ସ୍ଥାନୀୟ ଥାନା ପୋଲିସ ଏକ ମାମଲା ରୁଜୁ କରି ତଦନ୍ତ ଆରମ୍ଭ କରିଛି।
ସହିତ କର୍ମମାନଙ୍କୁ
ପ୍ରଶିକ୍ଷଣ
ସମ୍ବାଦ ଦ୍ୱାରା ସମ୍ପାଦିତ ଆଗ୍ରହ
■ କେନ୍ଦୁଝର, ୧୦।୭ (ନି.ପ୍ର.) ଜିଲ୍ଲାର ବିଭିନ୍ନ ଅଞ୍ଚଳରେ ଏହି ଘଟଣାକୁ ନେଇ ସ୍ଥାନୀୟ ଲୋକଙ୍କ ମଧ୍ୟରେ ଆଲୋଚନା ଚାଲିଛି। ପ୍ରଶାସନ ପକ୍ଷରୁ ତଦନ୍ତ ପାଇଁ ନିର୍ଦ୍ଦେଶ ଦିଆଯାଇଛି ଏବଂ ସମ୍ପୃକ୍ତ ବିଭାଗର ଅଧିକାରୀମାନେ ଘଟଣାସ୍ଥଳରେ ପହଞ୍ଚି ପରିସ୍ଥିତିର ସମୀକ୍ଷା କରିଛନ୍ତି। ଏହି ଅବସରରେ ବିଭିନ୍ନ ସାମାଜିକ ସଂଗଠନର ପ୍ରତିନିଧି, ଜନପ୍ରତିନିଧି ଓ ବୁଦ୍ଧିଜୀବୀମାନେ ଉପସ୍ଥିତ ରହି ନିଜ ନିଜ ମତାମତ ରଖିଥିଲେ। ଆଗାମୀ ଦିନରେ ଏଭଳି ଘଟଣାର ପୁନରାବୃତ୍ତି ନହେବା ପାଇଁ ଆବଶ୍ୟକ ପଦକ୍ଷେପ ନିଆଯିବ ବୋଲି ଅଧିକାରୀମାନେ କହିଛନ୍ତି। ସ୍ଥାନୀୟ ଥାନା ପୋଲିସ ଏକ ମାମଲା ରୁଜୁ କରି ତଦନ୍ତ ଆରମ୍ଭ କରିଛି।
ପର୍ଯ୍ୟାପ୍ତ ସାର ମହଜୁଦ ରଖିବାକୁ ନିର୍ଦ୍ଦେଶ
■ ସମ୍ବଲପୁର, ୧୦।୭ (ନି.ପ୍ର.) ଜିଲ୍ଲାର ବିଭିନ୍ନ ଅଞ୍ଚଳରେ ଏହି ଘଟଣାକୁ ନେଇ ସ୍ଥାନୀୟ ଲୋକଙ୍କ ମଧ୍ୟରେ ଆଲୋଚନା ଚାଲିଛି। ପ୍ରଶାସନ ପକ୍ଷରୁ ତଦନ୍ତ ପାଇଁ ନିର୍ଦ୍ଦେଶ ଦିଆଯାଇଛି ଏବଂ ସମ୍ପୃକ୍ତ ବିଭାଗର ଅଧିକାରୀମାନେ ଘଟଣାସ୍ଥଳରେ ପହଞ୍ଚି ପରିସ୍ଥିତିର ସମୀକ୍ଷା କରିଛନ୍ତି। ଏହି ଅବସରରେ ବିଭିନ୍ନ ସାମାଜିକ ସଂଗଠନର ପ୍ରତିନିଧି, ଜନପ୍ରତିନିଧି ଓ ବୁଦ୍ଧିଜୀବୀମାନେ ଉପସ୍ଥିତ ରହି ନିଜ ନିଜ ମତାମତ ରଖିଥିଲେ। ଆଗାମୀ ଦିନରେ ଏଭଳି ଘଟଣାର ପୁନରାବୃତ୍ତି ନହେବା ପାଇଁ ଆବଶ୍ୟକ ପଦକ୍ଷେପ ନିଆଯିବ ବୋଲି ଅଧିକାରୀମାନେ କହିଛନ୍ତି। ସ୍ଥାନୀୟ ଥାନା ପୋଲିସ ଏକ ମାମଲା ରୁଜୁ କରି ତଦନ୍ତ ଆରମ୍ଭ କରିଛି। ଜିଲ୍ଲାର ବିଭିନ୍ନ ଅଞ୍ଚଳରେ ଏହି ଘଟଣାକୁ ନେଇ ସ୍ଥାନୀୟ ଲୋକଙ୍କ ମଧ୍ୟରେ ଆଲୋଚନା ଚାଲିଛି। ପ୍ରଶାସନ ପକ୍ଷରୁ ତଦନ୍ତ ପାଇଁ ନିର୍ଦ୍ଦେଶ ଦିଆଯାଇଛି ଏବଂ ସମ୍ପୃକ୍ତ ବିଭାଗର ଅଧିକାରୀମାନେ ଘଟଣାସ୍ଥଳରେ ପହଞ୍ଚି ପରିସ୍ଥିତିର ସମୀକ୍ଷା କରିଛନ୍ତି। ଏହି ଅବସରରେ ବିଭିନ୍ନ ସାମାଜିକ ସଂଗଠନର ପ୍ରତିନିଧି, ଜନପ୍ରତିନିଧି ଓ ବୁଦ୍ଧିଜୀବୀମାନେ ଉପସ୍ଥିତ ରହି ନିଜ ନିଜ ମତାମତ ରଖିଥିଲେ। ଆଗାମୀ ଦିନରେ ଏଭଳି ଘଟଣାର ପୁନରାବୃତ୍ତି ନହେବା ପାଇଁ ଆବଶ୍ୟକ ପଦକ୍ଷେପ ନିଆଯିବ ବୋଲି ଅଧିକାରୀମାନେ କହିଛନ୍ତି। ସ୍ଥାନୀୟ ଥାନା ପୋଲିସ ଏକ ମାମଲା ରୁଜୁ କରି ତଦନ୍ତ ଆରମ୍ଭ କରିଛି। ଜିଲ୍ଲାର ବିଭିନ୍ନ ଅଞ୍ଚଳରେ ଏହି ଘଟଣାକୁ ନେଇ ସ୍ଥାନୀୟ ଲୋକଙ୍କ ମଧ୍ୟରେ ଆଲୋଚନା ଚାଲିଛି। ପ୍ରଶାସନ ପକ୍ଷରୁ ତଦନ୍ତ ପାଇଁ ନିର୍ଦ୍ଦେଶ ଦିଆଯାଇଛି ଏବଂ ସମ୍ପୃକ୍ତ ବିଭାଗର ଅଧିକାରୀମାନେ ଘଟଣାସ୍ଥଳରେ ପହଞ୍ଚି ପରିସ୍ଥିତିର ସମୀକ୍ଷା କରିଛନ୍ତି। ଏହି ଅବସରରେ ବିଭିନ୍ନ ସାମାଜିକ ସଂଗଠନର ପ୍ରତିନିଧି, ଜନପ୍ରତିନିଧି ଓ ବୁଦ୍ଧିଜୀବୀମାନେ ଉପସ୍ଥିତ ରହି ନିଜ ନିଜ ମତାମତ ରଖିଥିଲେ। ଆଗାମୀ ଦିନରେ ଏଭଳି ଘଟଣାର ପୁନରାବୃତ୍ତି ନହେବା ପାଇଁ ଆବଶ୍ୟକ ପଦକ୍ଷେପ ନିଆଯିବ ବୋଲି ଅଧିକାରୀମାନେ କହିଛନ୍ତି। ସ୍ଥାନୀୟ ଥାନା ପୋଲିସ ଏକ ମାମଲା ରୁଜୁ କରି ତଦନ୍ତ ଆରମ୍ଭ କରିଛି।
ଦଳିତ ଏବଂ ଆଦିବାସୀ ଯୋଜନା ସମ୍ପର୍କିତ ଆଲୋଚନା
■ ବାରିପଦା, ୧୦।୭ (ନି.ପ୍ର.) ଜିଲ୍ଲାର ବିଭିନ୍ନ ଅଞ୍ଚଳରେ ଏହି ଘଟଣାକୁ ନେଇ ସ୍ଥାନୀୟ ଲୋକଙ୍କ ମଧ୍ୟରେ ଆଲୋଚନା ଚାଲିଛି। ପ୍ରଶାସନ ପକ୍ଷରୁ ତଦନ୍ତ ପାଇଁ ନିର୍ଦ୍ଦେଶ ଦିଆଯାଇଛି ଏବଂ ସମ୍ପୃକ୍ତ ବିଭାଗର ଅଧିକାରୀମାନେ ଘଟଣାସ୍ଥଳରେ ପହଞ୍ଚି ପରିସ୍ଥିତିର ସମୀକ୍ଷା କରିଛନ୍ତି। ଏହି ଅବସରରେ ବିଭିନ୍ନ ସାମାଜିକ ସଂଗଠନର ପ୍ରତିନିଧି, ଜନପ୍ରତିନିଧି ଓ ବୁଦ୍ଧିଜୀବୀମାନେ ଉପସ୍ଥିତ ରହି ନିଜ ନିଜ ମତାମତ ରଖିଥିଲେ। ଆଗାମୀ ଦିନରେ ଏଭଳି ଘଟଣାର ପୁନରାବୃତ୍ତି ନହେବା ପାଇଁ ଆବଶ୍ୟକ ପଦକ୍ଷେପ ନିଆଯିବ ବୋଲି ଅଧିକାରୀମାନେ କହିଛନ୍ତି। ସ୍ଥାନୀୟ ଥାନା ପୋଲିସ ଏକ ମାମଲା ରୁଜୁ କରି ତଦନ୍ତ ଆରମ୍ଭ କରିଛି। ଜିଲ୍ଲାର ବିଭିନ୍ନ ଅଞ୍ଚଳରେ ଏହି ଘଟଣାକୁ ନେଇ ସ୍ଥାନୀୟ ଲୋକଙ୍କ ମଧ୍ୟରେ ଆଲୋଚନା ଚାଲିଛି। ପ୍ରଶାସନ ପକ୍ଷରୁ ତଦନ୍ତ ପାଇଁ ନିର୍ଦ୍ଦେଶ ଦିଆଯାଇଛି ଏବଂ ସମ୍ପୃକ୍ତ ବିଭାଗର ଅଧିକାରୀମାନେ ଘଟଣାସ୍ଥଳରେ ପହଞ୍ଚି ପରିସ୍ଥିତିର ସମୀକ୍ଷା କରିଛନ୍ତି। ଏହି ଅବସରରେ ବିଭିନ୍ନ ସାମାଜିକ ସଂଗଠନର ପ୍ରତିନିଧି, ଜନପ୍ରତିନିଧି ଓ ବୁଦ୍ଧିଜୀବୀମାନେ ଉପସ୍ଥିତ ରହି ନିଜ ନିଜ ମତାମତ ରଖିଥିଲେ। ଆଗାମୀ ଦିନରେ ଏଭଳି ଘଟଣାର ପୁନରାବୃତ୍ତି ନହେବା ପାଇଁ ଆବଶ୍ୟକ ପଦକ୍ଷେପ ନିଆଯିବ ବୋଲି ଅଧିକାରୀମାନେ କହିଛନ୍ତି। ସ୍ଥାନୀୟ ଥାନା ପୋଲିସ ଏକ ମାମଲା ରୁଜୁ କରି ତଦନ୍ତ ଆରମ୍ଭ କରିଛି।
ବାଲକ ବାଙ୍କରେ କଣ୍ଠ ନ୍ୟୁଜ
■ କଟକ, ୧୦।୭ (ନି.ପ୍ର.) ଜିଲ୍ଲାର ବିଭିନ୍ନ ଅଞ୍ଚଳରେ ଏହି ଘଟଣାକୁ ନେଇ ସ୍ଥାନୀୟ ଲୋକଙ୍କ ମଧ୍ୟରେ ଆଲୋଚନା ଚାଲିଛି। ପ୍ରଶାସନ ପକ୍ଷରୁ ତଦନ୍ତ ପାଇଁ ନିର୍ଦ୍ଦେଶ ଦିଆଯାଇଛି ଏବଂ ସମ୍ପୃକ୍ତ ବିଭାଗର ଅଧିକାରୀମାନେ ଘଟଣାସ୍ଥଳରେ ପହଞ୍ଚି ପରିସ୍ଥିତିର ସମୀକ୍ଷା କରିଛନ୍ତି। ଏହି ଅବସରରେ ବିଭିନ୍ନ ସାମାଜିକ ସଂଗଠନର ପ୍ରତିନିଧି, ଜନପ୍ରତିନିଧି ଓ ବୁଦ୍ଧିଜୀବୀମାନେ ଉପସ୍ଥିତ ରହି ନିଜ ନିଜ ମତାମତ ରଖିଥିଲେ। ଆଗାମୀ ଦିନରେ ଏଭଳି ଘଟଣାର ପୁନରାବୃତ୍ତି ନହେବା ପାଇଁ ଆବଶ୍ୟକ ପଦକ୍ଷେପ ନିଆଯିବ ବୋଲି ଅଧିକାରୀମାନେ କହିଛନ୍ତି। ସ୍ଥାନୀୟ ଥାନା ପୋଲିସ ଏକ ମାମଲା ରୁଜୁ କରି ତଦନ୍ତ ଆରମ୍ଭ କରିଛି। ଜିଲ୍ଲାର ବିଭିନ୍ନ ଅଞ୍ଚଳରେ ଏହି ଘଟଣାକୁ ନେଇ ସ୍ଥାନୀୟ ଲୋକଙ୍କ ମଧ୍ୟରେ ଆଲୋଚନା ଚାଲିଛି। ପ୍ରଶାସନ ପକ୍ଷରୁ ତଦନ୍ତ ପାଇଁ ନିର୍ଦ୍ଦେଶ ଦିଆଯାଇଛି ଏବଂ ସମ୍ପୃକ୍ତ ବିଭାଗର ଅଧିକାରୀମାନେ ଘଟଣାସ୍ଥଳରେ ପହଞ୍ଚି ପରିସ୍ଥିତିର ସମୀକ୍ଷା କରିଛନ୍ତି। ଏହି ଅବସରରେ ବିଭିନ୍ନ ସାମାଜିକ ସଂଗଠନର ପ୍ରତିନିଧି, ଜନପ୍ରତିନିଧି ଓ ବୁଦ୍ଧିଜୀବୀମାନେ ଉପସ୍ଥିତ ରହି ନିଜ ନିଜ ମତାମତ ରଖିଥିଲେ। ଆଗାମୀ ଦିନରେ ଏଭଳି ଘଟଣାର ପୁନରାବୃତ୍ତି ନହେବା ପାଇଁ ଆବଶ୍ୟକ ପଦକ୍ଷେପ ନିଆଯିବ ବୋଲି ଅଧିକାରୀମାନେ କହିଛନ୍ତି। ସ୍ଥାନୀୟ ଥାନା ପୋଲିସ ଏକ ମାମଲା ରୁଜୁ କରି ତଦନ୍ତ ଆରମ୍ଭ କରିଛି। ଜିଲ୍ଲାର ବିଭିନ୍ନ ଅଞ୍ଚଳରେ ଏହି ଘଟଣାକୁ ନେଇ ସ୍ଥାନୀୟ ଲୋକଙ୍କ ମଧ୍ୟରେ ଆଲୋଚନା ଚାଲିଛି। ପ୍ରଶାସନ ପକ୍ଷରୁ ତଦନ୍ତ ପାଇଁ ନିର୍ଦ୍ଦେଶ ଦିଆଯାଇଛି ଏବଂ ସମ୍ପୃକ୍ତ ବିଭାଗର ଅଧିକାରୀମାନେ ଘଟଣାସ୍ଥଳରେ ପହଞ୍ଚି ପରିସ୍ଥିତିର ସମୀକ୍ଷା କରିଛନ୍ତି। ଏହି ଅବସରରେ ବିଭିନ୍ନ ସାମାଜିକ ସଂଗଠନର ପ୍ରତିନିଧି, ଜନପ୍ରତିନିଧି ଓ ବୁଦ୍ଧିଜୀବୀମାନେ ଉପସ୍ଥିତ ରହି ନିଜ ନିଜ ମତାମତ ରଖିଥିଲେ। ଆଗାମୀ ଦିନରେ ଏଭଳି ଘଟଣାର ପୁନରାବୃତ୍ତି ନହେବା ପାଇଁ ଆବଶ୍ୟକ ପଦକ୍ଷେପ ନିଆଯିବ ବୋଲି ଅଧିକାରୀମାନେ କହିଛନ୍ତି। ସ୍ଥାନୀୟ ଥାନା ପୋଲିସ ଏକ ମାମଲା ରୁଜୁ କରି ତଦନ୍ତ ଆରମ୍ଭ କରିଛି।
ଲିଙ୍ଗଗତ ସମ୍ବେଦନଶୀଳତା ଓ ଉତ୍ପୀଡ଼ନ
ପ୍ରତିରୋଧ ସମ୍ପର୍କିତ ଆଲୋଚନା
■ ଭୁବନେଶ୍ୱର, ୧୦।୭ (ନି.ପ୍ର.) ଜିଲ୍ଲାର ବିଭିନ୍ନ ଅଞ୍ଚଳରେ ଏହି ଘଟଣାକୁ ନେଇ ସ୍ଥାନୀୟ ଲୋକଙ୍କ ମଧ୍ୟରେ ଆଲୋଚନା ଚାଲିଛି। ପ୍ରଶାସନ ପକ୍ଷରୁ ତଦନ୍ତ ପାଇଁ ନିର୍ଦ୍ଦେଶ ଦିଆଯାଇଛି ଏବଂ ସମ୍ପୃକ୍ତ ବିଭାଗର ଅଧିକାରୀମାନେ ଘଟଣାସ୍ଥଳରେ ପହଞ୍ଚି ପରିସ୍ଥିତିର ସମୀକ୍ଷା କରିଛନ୍ତି। ଏହି ଅବସରରେ ବିଭିନ୍ନ ସାମାଜିକ ସଂଗଠନର ପ୍ରତିନିଧି, ଜନପ୍ରତିନିଧି ଓ ବୁଦ୍ଧିଜୀବୀମାନେ ଉପସ୍ଥିତ ରହି ନିଜ ନିଜ ମତାମତ ରଖିଥିଲେ। ଆଗାମୀ ଦିନରେ ଏଭଳି ଘଟଣାର ପୁନରାବୃତ୍ତି ନହେବା ପାଇଁ ଆବଶ୍ୟକ ପଦକ୍ଷେପ ନିଆଯିବ ବୋଲି ଅଧିକାରୀମାନେ କହିଛନ୍ତି। ସ୍ଥାନୀୟ ଥାନା ପୋଲିସ ଏକ ମାମଲା ରୁଜୁ କରି ତଦନ୍ତ ଆରମ୍ଭ କରିଛି। ଜିଲ୍ଲାର ବିଭିନ୍ନ ଅଞ୍ଚଳରେ ଏହି ଘଟଣାକୁ ନେଇ ସ୍ଥାନୀୟ ଲୋକଙ୍କ ମଧ୍ୟରେ ଆଲୋଚନା ଚାଲିଛି। ପ୍ରଶାସନ ପକ୍ଷରୁ ତଦନ୍ତ ପାଇଁ ନିର୍ଦ୍ଦେଶ ଦିଆଯାଇଛି ଏବଂ ସମ୍ପୃକ୍ତ ବିଭାଗର ଅଧିକାରୀମାନେ ଘଟଣାସ୍ଥଳରେ ପହଞ୍ଚି ପରିସ୍ଥିତିର ସମୀକ୍ଷା କରିଛନ୍ତି। ଏହି ଅବସରରେ ବିଭିନ୍ନ ସାମାଜିକ ସଂଗଠନର ପ୍ରତିନିଧି, ଜନପ୍ରତିନିଧି ଓ ବୁଦ୍ଧିଜୀବୀମାନେ ଉପସ୍ଥିତ ରହି ନିଜ ନିଜ ମତାମତ ରଖିଥିଲେ। ଆଗାମୀ ଦିନରେ ଏଭଳି ଘଟଣାର ପୁନରାବୃତ୍ତି ନହେବା ପାଇଁ ଆବଶ୍ୟକ ପଦକ୍ଷେପ ନିଆଯିବ ବୋଲି ଅଧିକାରୀମାନେ କହିଛନ୍ତି। ସ୍ଥାନୀୟ ଥାନା ପୋଲିସ ଏକ ମାମଲା ରୁଜୁ କରି ତଦନ୍ତ ଆରମ୍ଭ କରିଛି।
ଜିଲ୍ଲାର ବିଭିନ୍ନ ଅଞ୍ଚଳରେ ଏହି ଘଟଣାକୁ ନେଇ ସ୍ଥାନୀୟ ଲୋକଙ୍କ ମଧ୍ୟରେ ଆଲୋଚନା ଚାଲିଛି। ପ୍ରଶାସନ ପକ୍ଷରୁ ତଦନ୍ତ ପାଇଁ ନିର୍ଦ୍ଦେଶ ଦିଆଯାଇଛି ଏବଂ ସମ୍ପୃକ୍ତ ବିଭାଗର ଅଧିକାରୀମାନେ ଘଟଣାସ୍ଥଳରେ ପହଞ୍ଚି ପରିସ୍ଥିତିର ସମୀକ୍ଷା କରିଛନ୍ତି। ଏହି ଅବସରରେ ବିଭିନ୍ନ ସାମାଜିକ ସଂଗଠନର ପ୍ରତିନିଧି, ଜନପ୍ରତିନିଧି ଓ ବୁଦ୍ଧିଜୀବୀମାନେ ଉପସ୍ଥିତ ରହି ନିଜ ନିଜ ମତାମତ ରଖିଥିଲେ। ଆଗାମୀ ଦିନରେ ଏଭଳି ଘଟଣାର ପୁନରାବୃତ୍ତି ନହେବା ପାଇଁ ଆବଶ୍ୟକ ପଦକ୍ଷେପ ନିଆଯିବ ବୋଲି ଅଧିକାରୀମାନେ କହିଛନ୍ତି। ସ୍ଥାନୀୟ ଥାନା ପୋଲିସ ଏକ ମାମଲା ରୁଜୁ କରି ତଦନ୍ତ ଆରମ୍ଭ କରିଛି। ଜିଲ୍ଲାର ବିଭିନ୍ନ ଅଞ୍ଚଳରେ ଏହି ଘଟଣାକୁ ନେଇ ସ୍ଥାନୀୟ ଲୋକଙ୍କ ମଧ୍ୟରେ ଆଲୋଚନା ଚାଲିଛି। ପ୍ରଶାସନ ପକ୍ଷରୁ ତଦନ୍ତ ପାଇଁ ନିର୍ଦ୍ଦେଶ ଦିଆଯାଇଛି ଏବଂ ସମ୍ପୃକ୍ତ ବିଭାଗର ଅଧିକାରୀମାନେ ଘଟଣାସ୍ଥଳରେ ପହଞ୍ଚି ପରିସ୍ଥିତିର ସମୀକ୍ଷା କରିଛନ୍ତି। ଏହି ଅବସରରେ ବିଭିନ୍ନ ସାମାଜିକ ସଂଗଠନର ପ୍ରତିନିଧି, ଜନପ୍ରତିନିଧି ଓ ବୁଦ୍ଧିଜୀବୀମାନେ ଉପସ୍ଥିତ ରହି ନିଜ ନିଜ ମତାମତ ରଖିଥିଲେ। ଆଗାମୀ ଦିନରେ ଏଭଳି ଘଟଣାର ପୁନରାବୃତ୍ତି ନହେବା ପାଇଁ ଆବଶ୍ୟକ ପଦକ୍ଷେପ ନିଆଯିବ ବୋଲି ଅଧିକାରୀମାନେ କହିଛନ୍ତି। ସ୍ଥାନୀୟ ଥାନା ପୋଲିସ ଏକ ମାମଲା ରୁଜୁ କରି ତଦନ୍ତ ଆରମ୍ଭ କରିଛି।
